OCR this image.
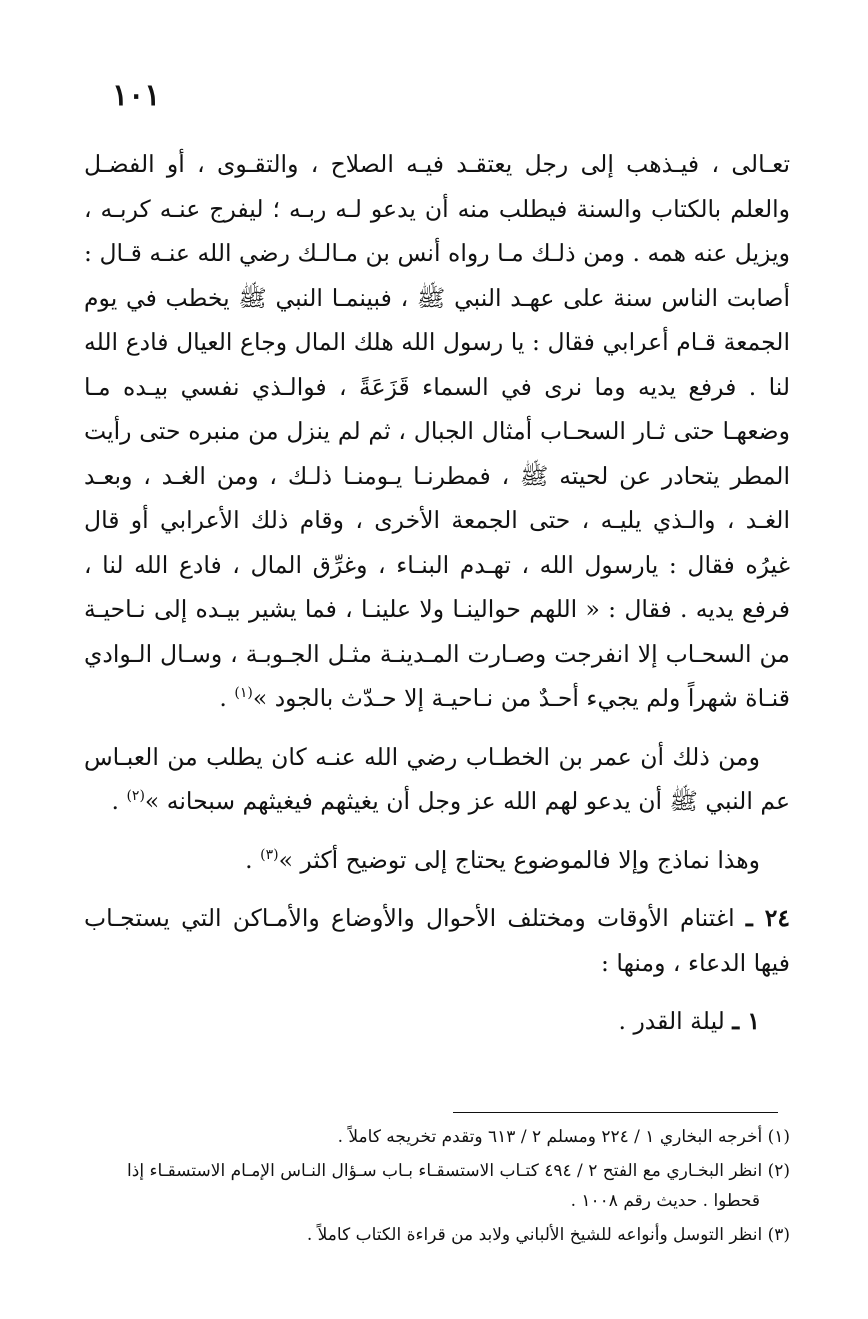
١٠١

تعـالى ، فيـذهب إلى رجل يعتقـد فيـه الصلاح ، والتقـوى ، أو الفضـل والعلم بالكتاب والسنة فيطلب منه أن يدعو لـه ربـه ؛ ليفرج عنـه كربـه ، ويزيل عنه همه . ومن ذلـك مـا رواه أنس بن مـالـك رضي الله عنـه قـال : أصابت الناس سنة على عهـد النبي ﷺ ، فبينمـا النبي ﷺ يخطب في يوم الجمعة قـام أعرابي فقال : يا رسول الله هلك المال وجاع العيال فادع الله لنا . فرفع يديه وما نرى في السماء قَزَعَةً ، فوالـذي نفسي بيـده مـا وضعهـا حتى ثـار السحـاب أمثال الجبال ، ثم لم ينزل من منبره حتى رأيت المطر يتحادر عن لحيته ﷺ ، فمطرنـا يـومنـا ذلـك ، ومن الغـد ، وبعـد الغـد ، والـذي يليـه ، حتى الجمعة الأخرى ، وقام ذلك الأعرابي أو قال غيرُه فقال : يارسول الله ، تهـدم البنـاء ، وغرِّق المال ، فادع الله لنا ، فرفع يديه . فقال : « اللهم حوالينـا ولا علينـا ، فما يشير بيـده إلى نـاحيـة من السحـاب إلا انفرجت وصـارت المـدينـة مثـل الجـوبـة ، وسـال الـوادي قنـاة شهراً ولم يجيء أحـدٌ من نـاحيـة إلا حـدّث بالجود »$^{(١)}$ .

ومن ذلك أن عمر بن الخطـاب رضي الله عنـه كان يطلب من العبـاس عم النبي ﷺ أن يدعو لهم الله عز وجل أن يغيثهم فيغيثهم سبحانه »$^{(٢)}$ .

وهذا نماذج وإلا فالموضوع يحتاج إلى توضيح أكثر »$^{(٣)}$ .

٢٤ ـ اغتنام الأوقات ومختلف الأحوال والأوضاع والأمـاكن التي يستجـاب فيها الدعاء ، ومنها :

١ ـ ليلة القدر .

(١) أخرجه البخاري ١ / ٢٢٤ ومسلم ٢ / ٦١٣ وتقدم تخريجه كاملاً .

(٢) انظر البخـاري مع الفتح ٢ / ٤٩٤ كتـاب الاستسقـاء بـاب سـؤال النـاس الإمـام الاستسقـاء إذا

قحطوا . حديث رقم ١٠٠٨ .

(٣) انظر التوسل وأنواعه للشيخ الألباني ولابد من قراءة الكتاب كاملاً .
